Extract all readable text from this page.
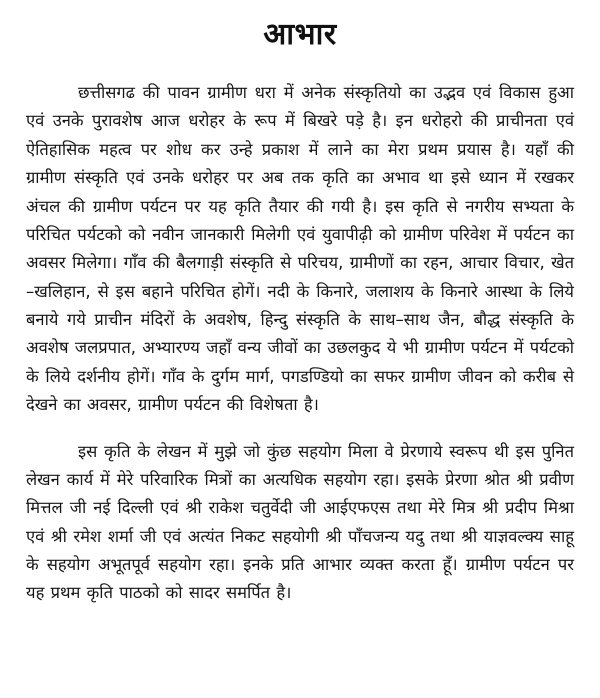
आभार

छत्तीसगढ की पावन ग्रामीण धरा में अनेक संस्कृतियो का उद्भव एवं विकास हुआ एवं उनके पुरावशेष आज धरोहर के रूप में बिखरे पड़े है। इन धरोहरो की प्राचीनता एवं ऐतिहासिक महत्व पर शोध कर उन्हे प्रकाश में लाने का मेरा प्रथम प्रयास है। यहाँ की ग्रामीण संस्कृति एवं उनके धरोहर पर अब तक कृति का अभाव था इसे ध्यान में रखकर अंचल की ग्रामीण पर्यटन पर यह कृति तैयार की गयी है। इस कृति से नगरीय सभ्यता के परिचित पर्यटको को नवीन जानकारी मिलेगी एवं युवापीढ़ी को ग्रामीण परिवेश में पर्यटन का अवसर मिलेगा। गाँव की बैलगाड़ी संस्कृति से परिचय, ग्रामीणों का रहन, आचार विचार, खेत –खलिहान, से इस बहाने परिचित होगें। नदी के किनारे, जलाशय के किनारे आस्था के लिये बनाये गये प्राचीन मंदिरों के अवशेष, हिन्दु संस्कृति के साथ–साथ जैन, बौद्ध संस्कृति के अवशेष जलप्रपात, अभ्यारण्य जहाँ वन्य जीवों का उछलकुद ये भी ग्रामीण पर्यटन में पर्यटको के लिये दर्शनीय होगें। गाँव के दुर्गम मार्ग, पगडण्डियो का सफर ग्रामीण जीवन को करीब से देखने का अवसर, ग्रामीण पर्यटन की विशेषता है।

इस कृति के लेखन में मुझे जो कुंछ सहयोग मिला वे प्रेरणाये स्वरूप थी इस पुनित लेखन कार्य में मेरे परिवारिक मित्रों का अत्यधिक सहयोग रहा। इसके प्रेरणा श्रोत श्री प्रवीण मित्तल जी नई दिल्ली एवं श्री राकेश चतुर्वेदी जी आईएफएस तथा मेरे मित्र श्री प्रदीप मिश्रा एवं श्री रमेश शर्मा जी एवं अत्यंत निकट सहयोगी श्री पाँचजन्य यदु तथा श्री याज्ञवल्क्य साहू के सहयोग अभूतपूर्व सहयोग रहा। इनके प्रति आभार व्यक्त करता हूँ। ग्रामीण पर्यटन पर यह प्रथम कृति पाठको को सादर समर्पित है।
